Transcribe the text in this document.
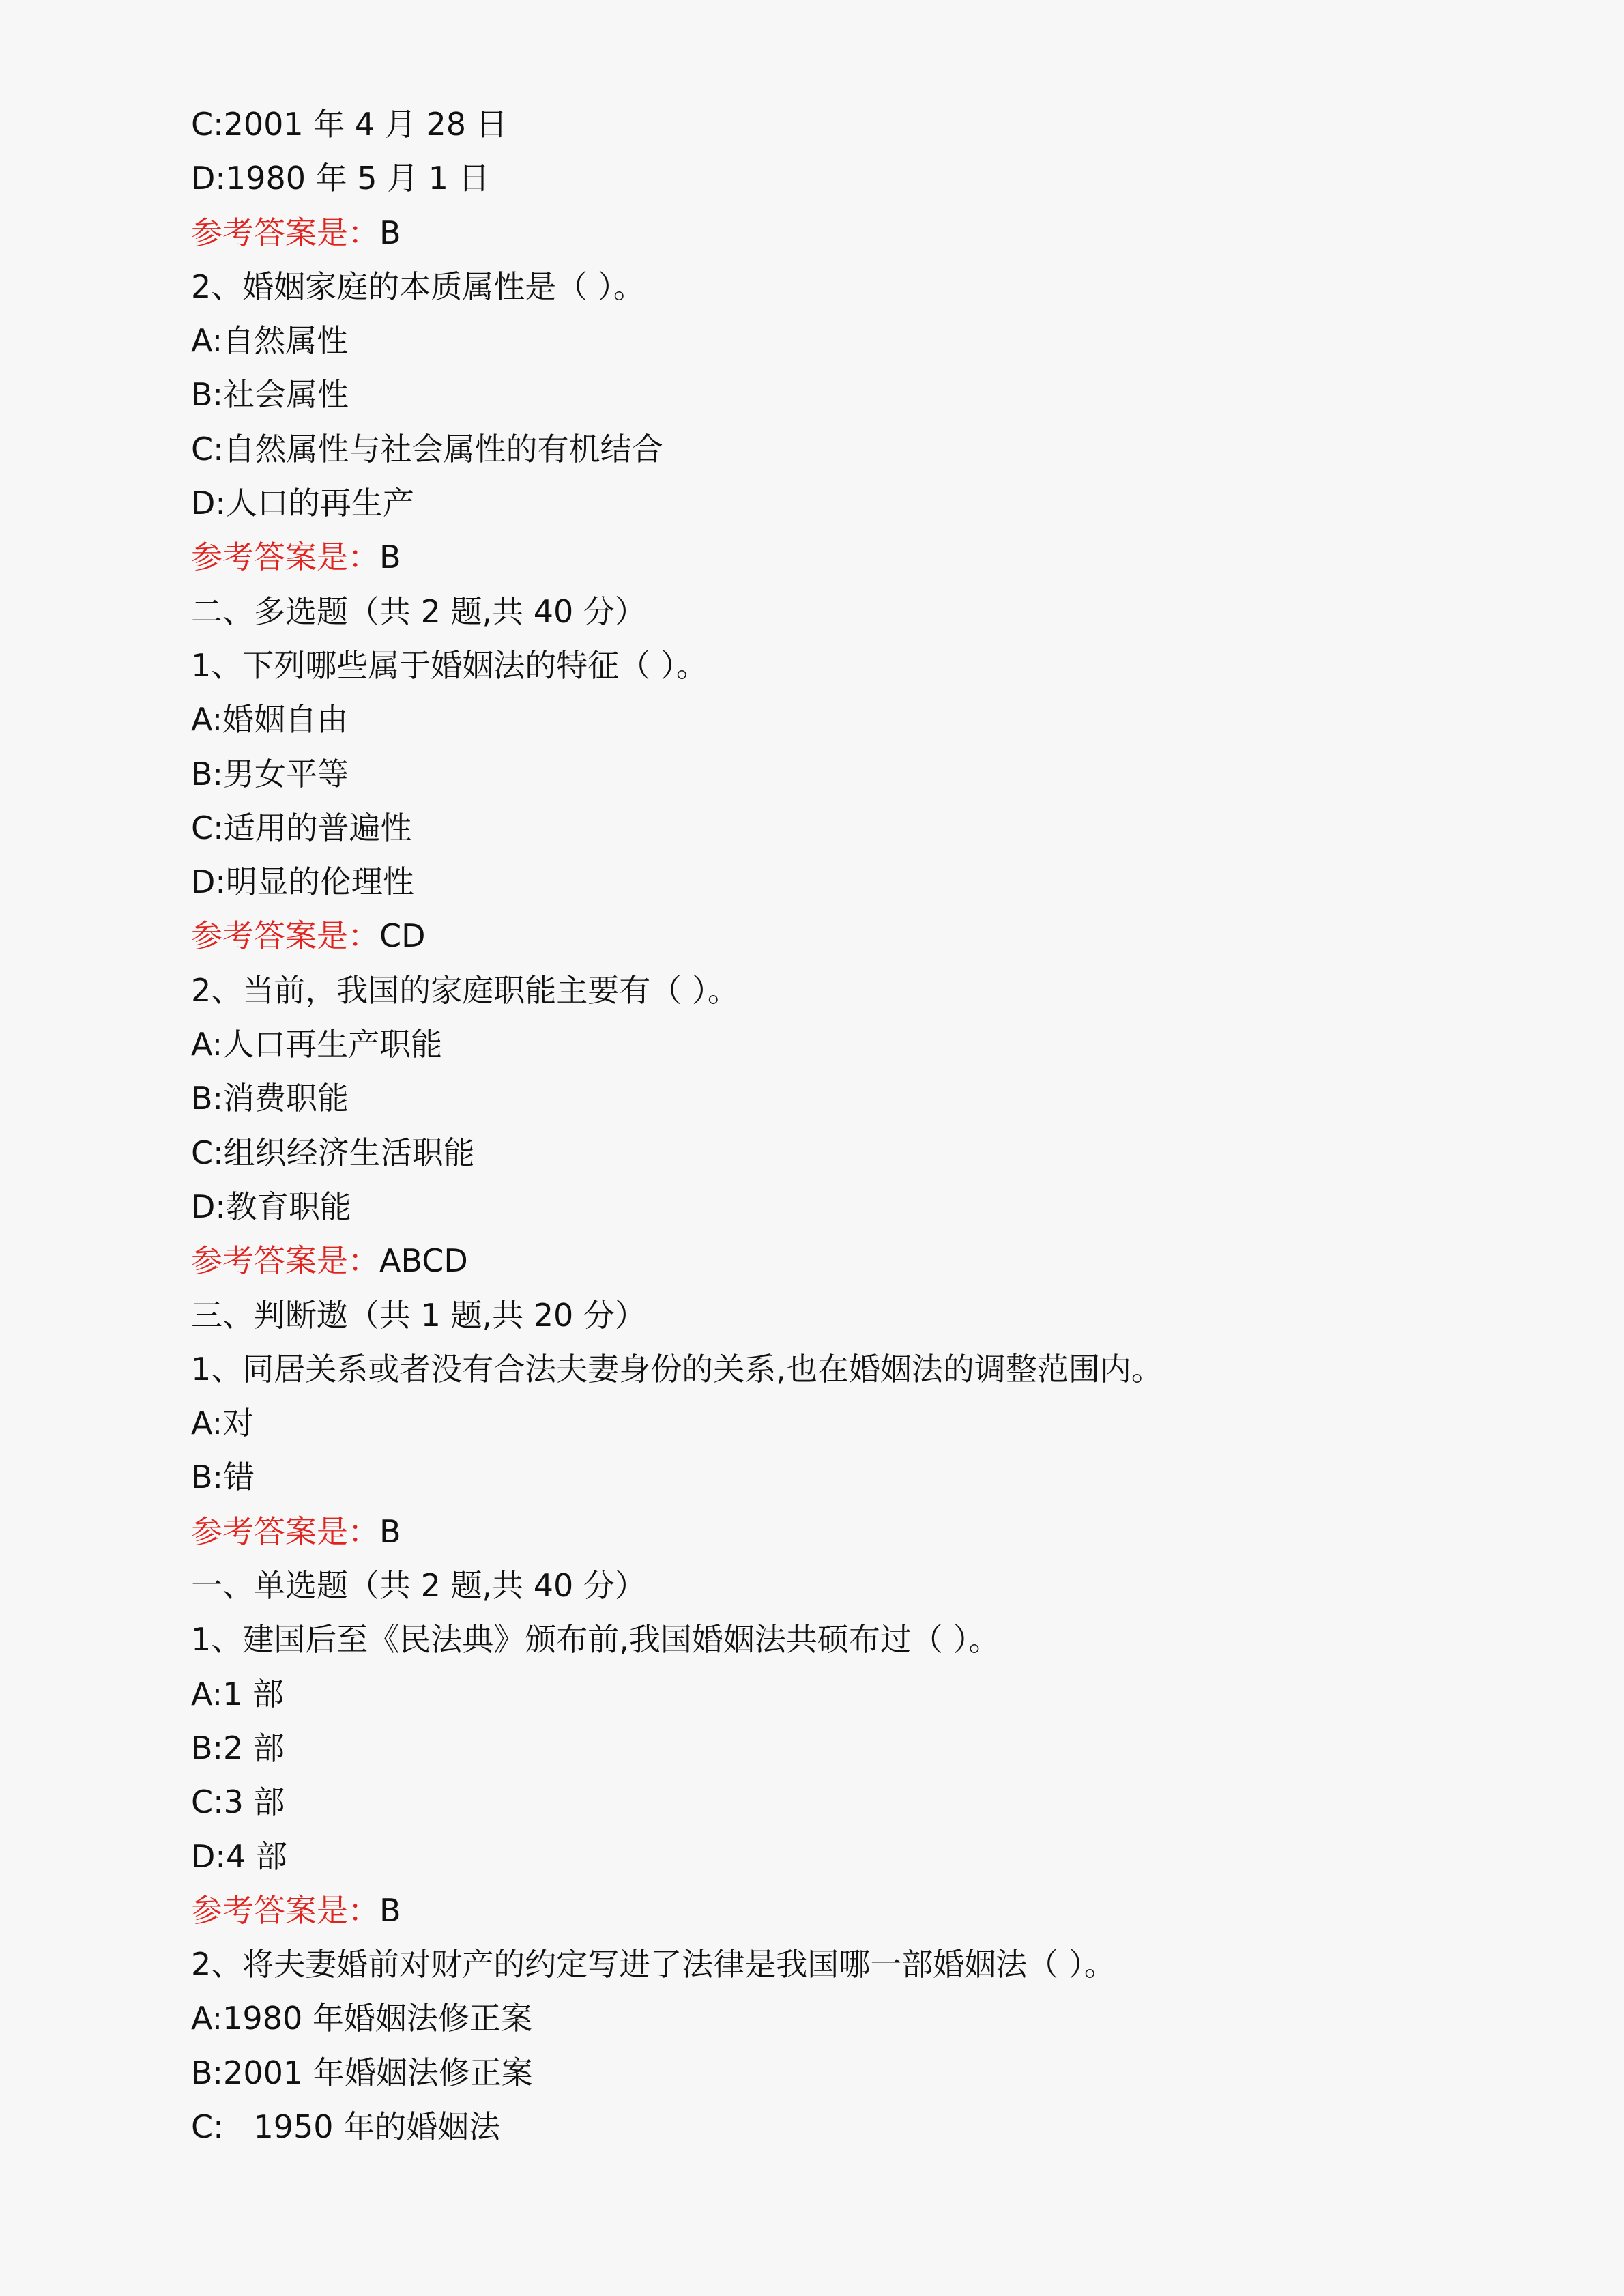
C:2001 年 4 月 28 日
D:1980 年 5 月 1 日
参考答案是：B
2、婚姻家庭的本质属性是（ ）。
A:自然属性
B:社会属性
C:自然属性与社会属性的有机结合
D:人口的再生产
参考答案是：B
二、多选题（共 2 题,共 40 分）
1、下列哪些属于婚姻法的特征（ ）。
A:婚姻自由
B:男女平等
C:适用的普遍性
D:明显的伦理性
参考答案是：CD
2、当前，我国的家庭职能主要有（ ）。
A:人口再生产职能
B:消费职能
C:组织经济生活职能
D:教育职能
参考答案是：ABCD
三、判断遨（共 1 题,共 20 分）
1、同居关系或者没有合法夫妻身份的关系,也在婚姻法的调整范围内。
A:对
B:错
参考答案是：B
一、单选题（共 2 题,共 40 分）
1、建国后至《民法典》颁布前,我国婚姻法共硕布过（ ）。
A:1 部
B:2 部
C:3 部
D:4 部
参考答案是：B
2、将夫妻婚前对财产的约定写进了法律是我国哪一部婚姻法（ ）。
A:1980 年婚姻法修正案
B:2001 年婚姻法修正案
C:   1950 年的婚姻法
